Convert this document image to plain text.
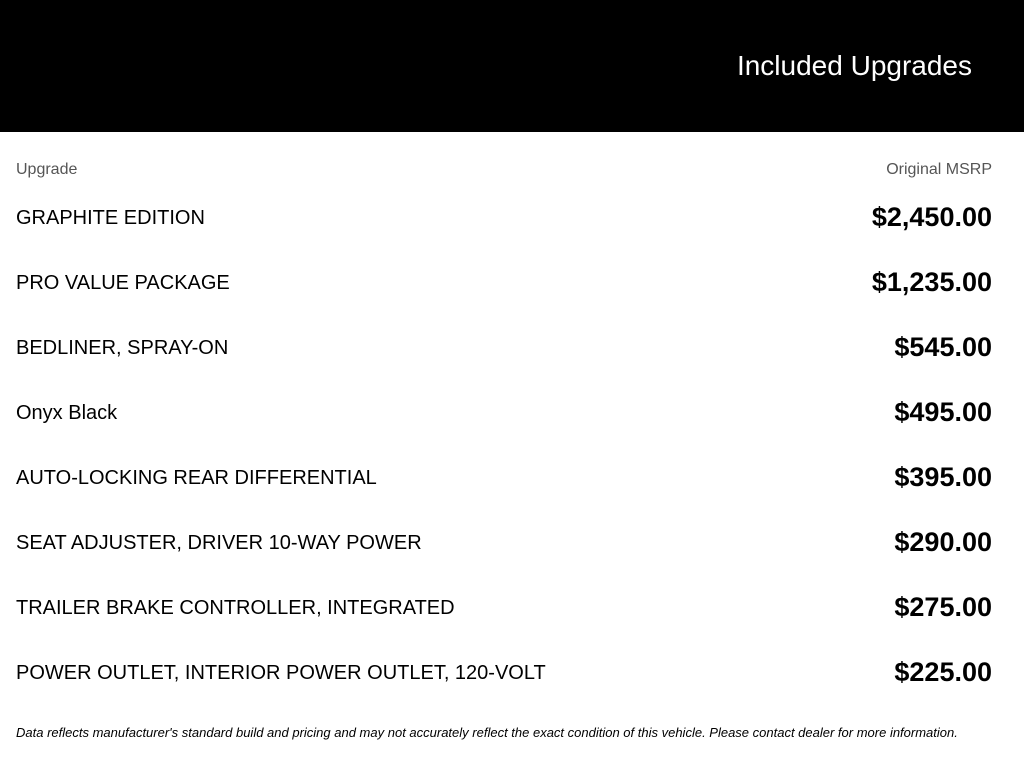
Included Upgrades
Upgrade	Original MSRP
GRAPHITE EDITION	$2,450.00
PRO VALUE PACKAGE	$1,235.00
BEDLINER, SPRAY-ON	$545.00
Onyx Black	$495.00
AUTO-LOCKING REAR DIFFERENTIAL	$395.00
SEAT ADJUSTER, DRIVER 10-WAY POWER	$290.00
TRAILER BRAKE CONTROLLER, INTEGRATED	$275.00
POWER OUTLET, INTERIOR POWER OUTLET, 120-VOLT	$225.00

Data reflects manufacturer's standard build and pricing and may not accurately reflect the exact condition of this vehicle. Please contact dealer for more information.
